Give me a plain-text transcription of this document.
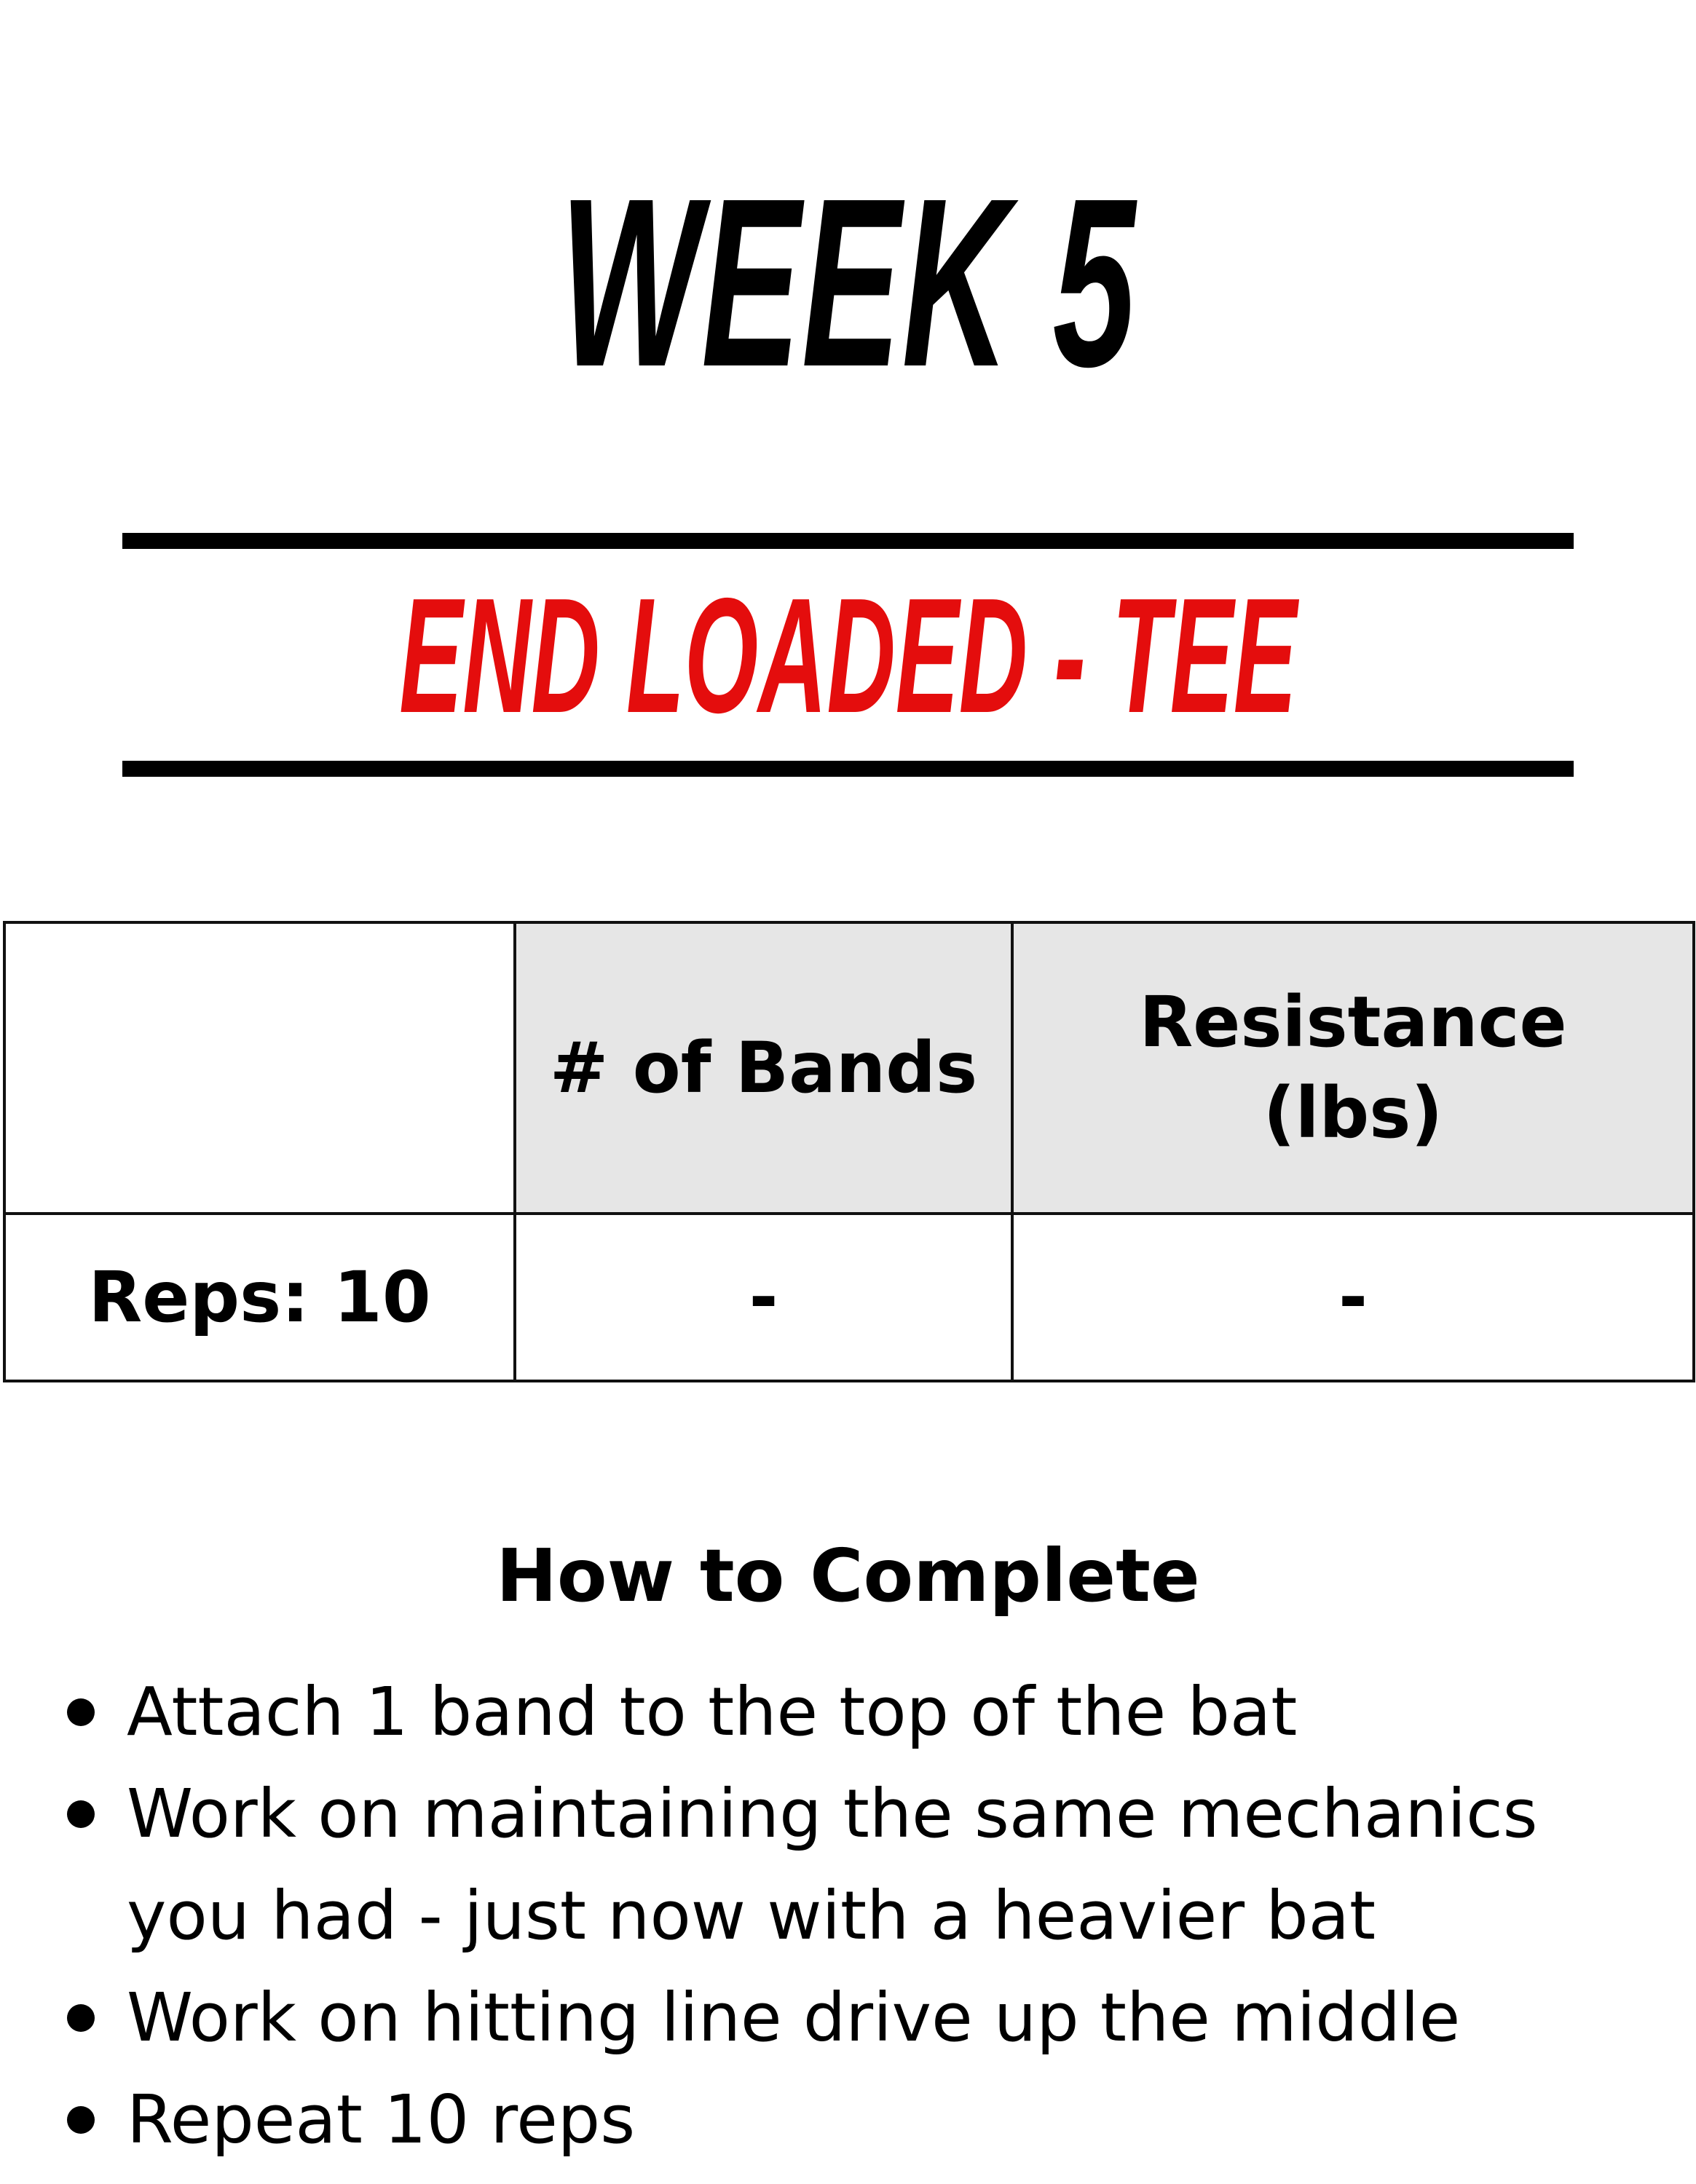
WEEK 5
END LOADED - TEE
	# of Bands	Resistance (lbs)
Reps: 10	-	-
How to Complete
Attach 1 band to the top of the bat
Work on maintaining the same mechanics
you had - just now with a heavier bat
Work on hitting line drive up the middle
Repeat 10 reps
